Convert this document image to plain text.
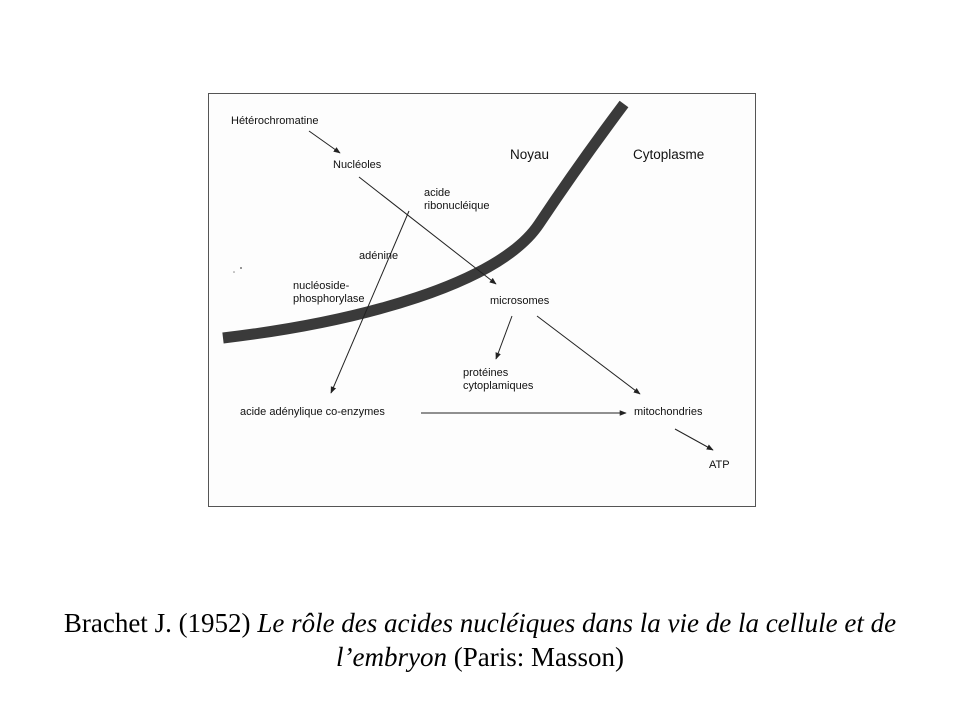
Hétérochromatine
Nucléoles
Noyau	Cytoplasme
acide
ribonucléique
adénine
nucléoside-
phosphorylase	microsomes
protéines
cytoplamiques
acide adénylique co-enzymes	mitochondries
ATP
Brachet J. (1952) Le rôle des acides nucléiques dans la vie de la cellule et de l’embryon (Paris: Masson)
